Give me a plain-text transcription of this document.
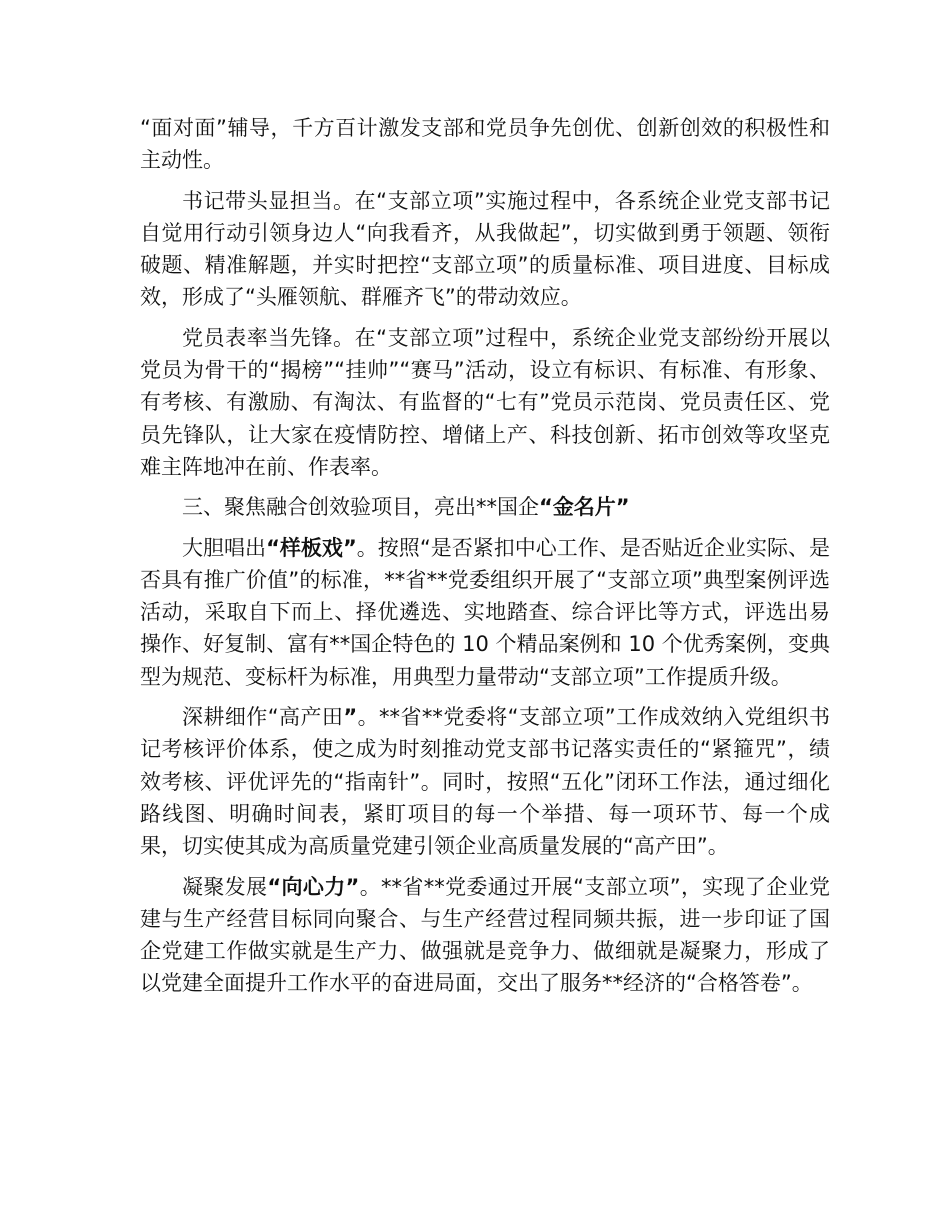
“面对面”辅导，千方百计激发支部和党员争先创优、创新创效的积极性和主动性。

书记带头显担当。在“支部立项”实施过程中，各系统企业党支部书记自觉用行动引领身边人“向我看齐，从我做起”，切实做到勇于领题、领衔破题、精准解题，并实时把控“支部立项”的质量标准、项目进度、目标成效，形成了“头雁领航、群雁齐飞”的带动效应。

党员表率当先锋。在“支部立项”过程中，系统企业党支部纷纷开展以党员为骨干的“揭榜”“挂帅”“赛马”活动，设立有标识、有标准、有形象、有考核、有激励、有淘汰、有监督的“七有”党员示范岗、党员责任区、党员先锋队，让大家在疫情防控、增储上产、科技创新、拓市创效等攻坚克难主阵地冲在前、作表率。

三、聚焦融合创效验项目，亮出**国企“金名片”

大胆唱出“样板戏”。按照“是否紧扣中心工作、是否贴近企业实际、是否具有推广价值”的标准，**省**党委组织开展了“支部立项”典型案例评选活动，采取自下而上、择优遴选、实地踏查、综合评比等方式，评选出易操作、好复制、富有**国企特色的 10 个精品案例和 10 个优秀案例，变典型为规范、变标杆为标准，用典型力量带动“支部立项”工作提质升级。

深耕细作“高产田”。**省**党委将“支部立项”工作成效纳入党组织书记考核评价体系，使之成为时刻推动党支部书记落实责任的“紧箍咒”，绩效考核、评优评先的“指南针”。同时，按照“五化”闭环工作法，通过细化路线图、明确时间表，紧盯项目的每一个举措、每一项环节、每一个成果，切实使其成为高质量党建引领企业高质量发展的“高产田”。

凝聚发展“向心力”。**省**党委通过开展“支部立项”，实现了企业党建与生产经营目标同向聚合、与生产经营过程同频共振，进一步印证了国企党建工作做实就是生产力、做强就是竞争力、做细就是凝聚力，形成了以党建全面提升工作水平的奋进局面，交出了服务**经济的“合格答卷”。
